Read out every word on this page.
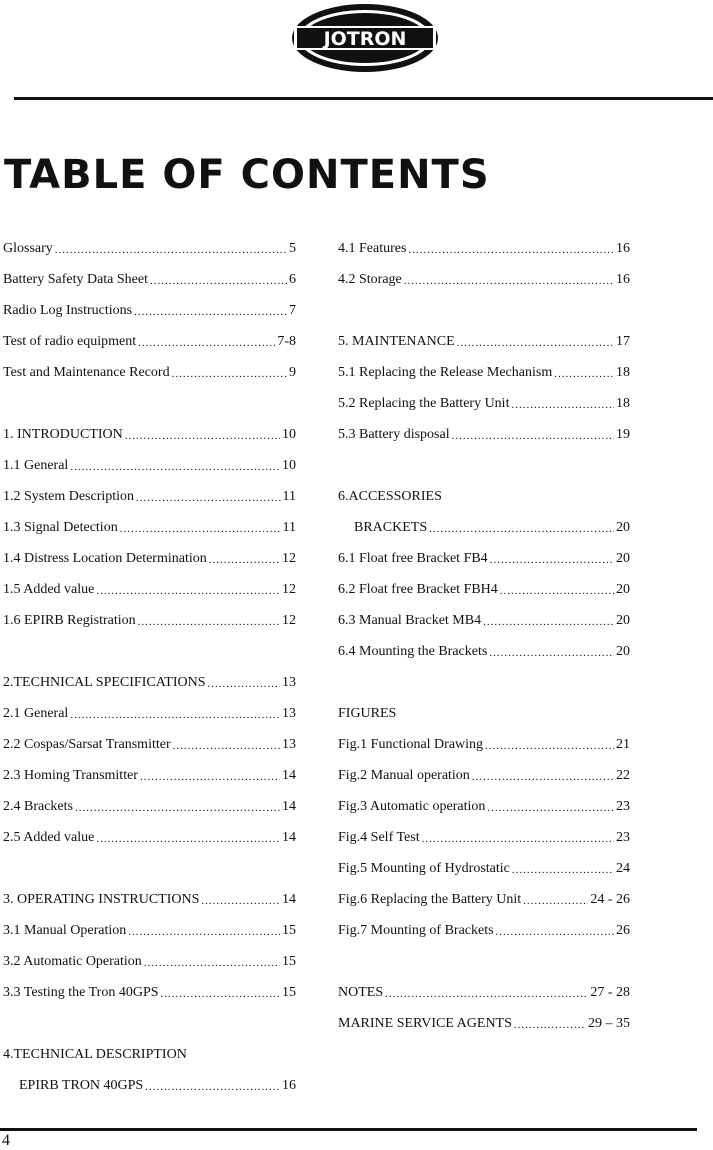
JOTRON
TABLE OF CONTENTS
Glossary .....	5
Battery Safety Data Sheet .....	6
Radio Log Instructions .....	7
Test of radio equipment .....	7-8
Test and Maintenance Record .....	9
1. INTRODUCTION .....	10
1.1 General .....	10
1.2 System Description .....	11
1.3 Signal Detection .....	11
1.4 Distress Location Determination .....	12
1.5 Added value .....	12
1.6 EPIRB Registration .....	12
2.TECHNICAL SPECIFICATIONS .....	13
2.1 General .....	13
2.2 Cospas/Sarsat Transmitter .....	13
2.3 Homing Transmitter .....	14
2.4 Brackets .....	14
2.5 Added value .....	14
3. OPERATING INSTRUCTIONS .....	14
3.1 Manual Operation .....	15
3.2 Automatic Operation .....	15
3.3 Testing the Tron 40GPS .....	15
4.TECHNICAL DESCRIPTION
EPIRB TRON 40GPS .....	16
4.1 Features .....	16
4.2 Storage .....	16
5. MAINTENANCE .....	17
5.1 Replacing the Release Mechanism .....	18
5.2 Replacing the Battery Unit .....	18
5.3 Battery disposal .....	19
6.ACCESSORIES
BRACKETS .....	20
6.1 Float free Bracket FB4 .....	20
6.2 Float free Bracket FBH4 .....	20
6.3 Manual Bracket MB4 .....	20
6.4 Mounting the Brackets .....	20
FIGURES
Fig.1 Functional Drawing .....	21
Fig.2 Manual operation .....	22
Fig.3 Automatic operation .....	23
Fig.4 Self Test .....	23
Fig.5 Mounting of Hydrostatic .....	24
Fig.6 Replacing the Battery Unit .....	24 - 26
Fig.7 Mounting of Brackets .....	26
NOTES .....	27 - 28
MARINE SERVICE AGENTS .....	29 – 35
4
